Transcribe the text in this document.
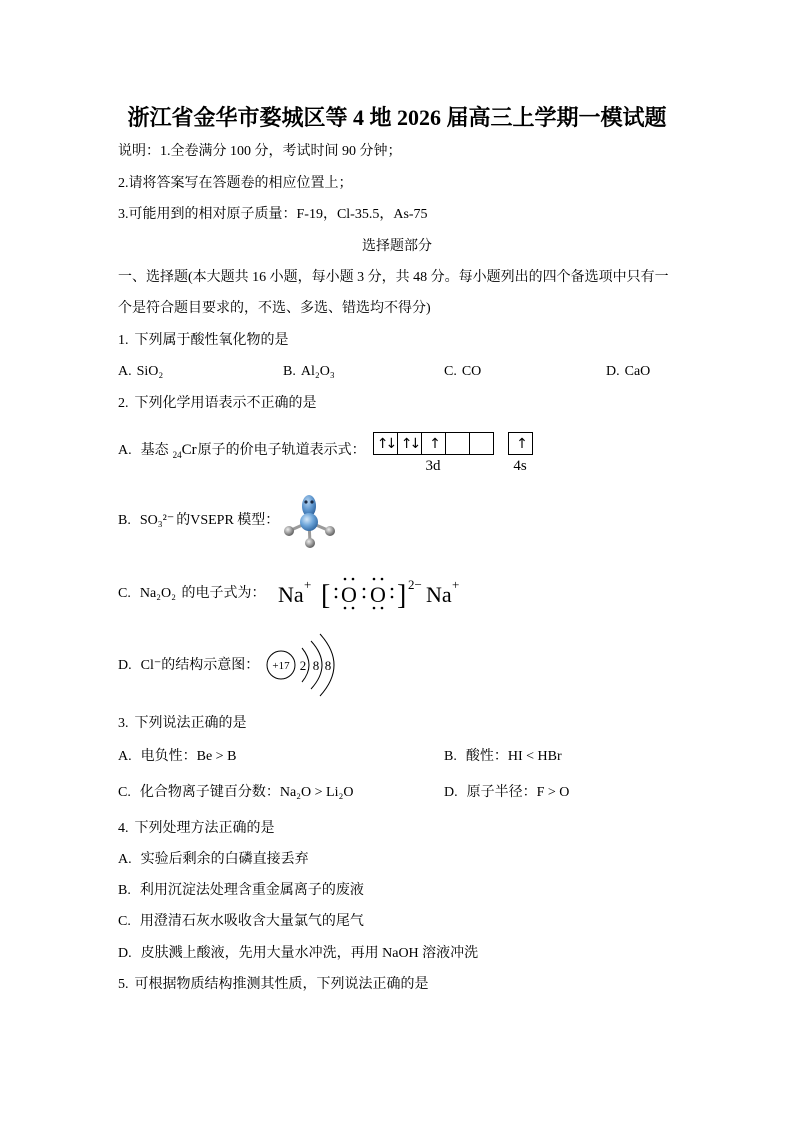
浙江省金华市婺城区等 4 地 2026 届高三上学期一模试题
说明：1.全卷满分 100 分，考试时间 90 分钟；
2.请将答案写在答题卷的相应位置上；
3.可能用到的相对原子质量：F-19，Cl-35.5，As-75
选择题部分
一、选择题(本大题共 16 小题，每小题 3 分，共 48 分。每小题列出的四个备选项中只有一
个是符合题目要求的，不选、多选、错选均不得分)
1. 下列属于酸性氧化物的是
A. SiO₂	B. Al₂O₃	C. CO	D. CaO
2. 下列化学用语表示不正确的是
A. 基态 $_{24}$Cr原子的价电子轨道表示式： ↑↓ ↑↓ ↑	↑
3d	4s
B. SO₃²⁻ 的VSEPR 模型：
C. Na₂O₂ 的电子式为： Na + [ O O ] 2− Na +
D. Cl⁻的结构示意图： +17 2 8 8
3. 下列说法正确的是
A. 电负性：Be > B	B. 酸性：HI < HBr
C. 化合物离子键百分数：Na₂O > Li₂O	D. 原子半径：F > O
4. 下列处理方法正确的是
A. 实验后剩余的白磷直接丢弃
B. 利用沉淀法处理含重金属离子的废液
C. 用澄清石灰水吸收含大量氯气的尾气
D. 皮肤溅上酸液，先用大量水冲洗，再用 NaOH 溶液冲洗
5. 可根据物质结构推测其性质，下列说法正确的是
